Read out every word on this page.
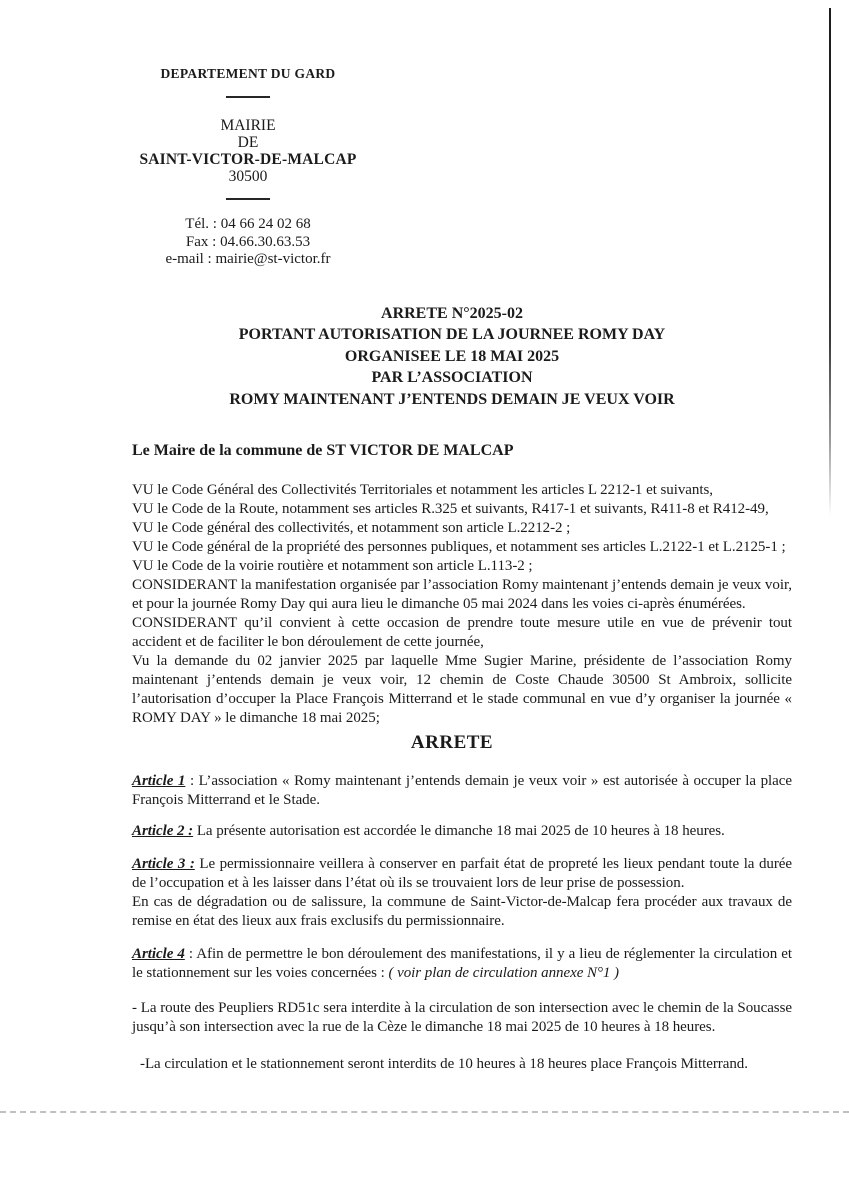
DEPARTEMENT DU GARD
MAIRIE
DE
SAINT-VICTOR-DE-MALCAP
30500
Tél. : 04 66 24 02 68
Fax : 04.66.30.63.53
e-mail : mairie@st-victor.fr
ARRETE N°2025-02
PORTANT AUTORISATION DE LA JOURNEE ROMY DAY
ORGANISEE LE 18 MAI 2025
PAR L’ASSOCIATION
ROMY MAINTENANT J’ENTENDS DEMAIN JE VEUX VOIR
Le Maire de la commune de ST VICTOR DE MALCAP

VU le Code Général des Collectivités Territoriales et notamment les articles L 2212-1 et suivants,

VU le Code de la Route, notamment ses articles R.325 et suivants, R417-1 et suivants, R411-8 et R412-49,

VU le Code général des collectivités, et notamment son article L.2212-2 ;

VU le Code général de la propriété des personnes publiques, et notamment ses articles L.2122-1 et L.2125-1 ;

VU le Code de la voirie routière et notamment son article L.113-2 ;

CONSIDERANT la manifestation organisée par l’association Romy maintenant j’entends demain je veux voir, et pour la journée Romy Day qui aura lieu le dimanche 05 mai 2024 dans les voies ci-après énumérées.

CONSIDERANT qu’il convient à cette occasion de prendre toute mesure utile en vue de prévenir tout accident et de faciliter le bon déroulement de cette journée,

Vu la demande du 02 janvier 2025 par laquelle Mme Sugier Marine, présidente de l’association Romy maintenant j’entends demain je veux voir, 12 chemin de Coste Chaude 30500 St Ambroix, sollicite l’autorisation d’occuper la Place François Mitterrand et le stade communal en vue d’y organiser la journée « ROMY DAY » le dimanche 18 mai 2025;

ARRETE

Article 1 : L’association « Romy maintenant j’entends demain je veux voir » est autorisée à occuper la place François Mitterrand et le Stade.

Article 2 : La présente autorisation est accordée le dimanche 18 mai 2025 de 10 heures à 18 heures.

Article 3 : Le permissionnaire veillera à conserver en parfait état de propreté les lieux pendant toute la durée de l’occupation et à les laisser dans l’état où ils se trouvaient lors de leur prise de possession.
En cas de dégradation ou de salissure, la commune de Saint-Victor-de-Malcap fera procéder aux travaux de remise en état des lieux aux frais exclusifs du permissionnaire.

Article 4 : Afin de permettre le bon déroulement des manifestations, il y a lieu de réglementer la circulation et le stationnement sur les voies concernées : ( voir plan de circulation annexe N°1 )

- La route des Peupliers RD51c sera interdite à la circulation de son intersection avec le chemin de la Soucasse jusqu’à son intersection avec la rue de la Cèze le dimanche 18 mai 2025 de 10 heures à 18 heures.

-La circulation et le stationnement seront interdits de 10 heures à 18 heures place François Mitterrand.
